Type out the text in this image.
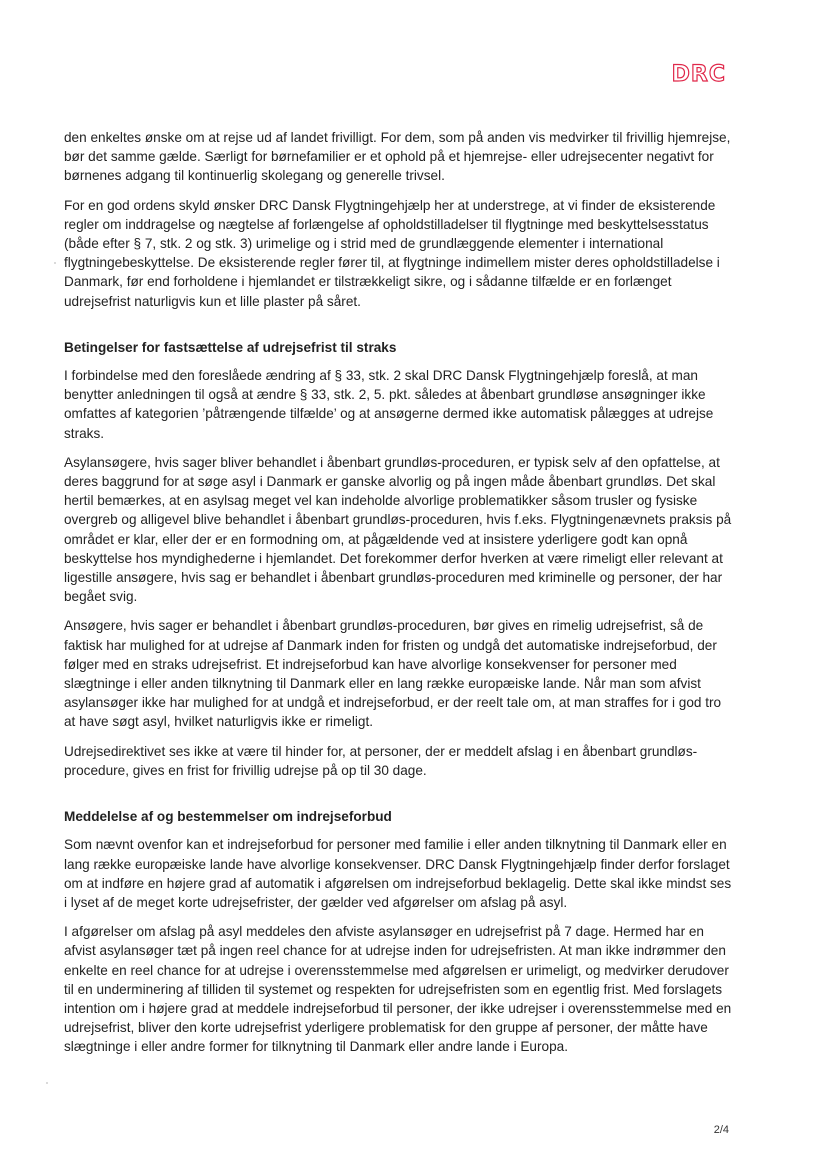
DRC

den enkeltes ønske om at rejse ud af landet frivilligt. For dem, som på anden vis medvirker til frivillig hjemrejse, bør det samme gælde. Særligt for børnefamilier er et ophold på et hjemrejse- eller udrejsecenter negativt for børnenes adgang til kontinuerlig skolegang og generelle trivsel.

For en god ordens skyld ønsker DRC Dansk Flygtningehjælp her at understrege, at vi finder de eksisterende regler om inddragelse og nægtelse af forlængelse af opholdstilladelser til flygtninge med beskyttelsesstatus (både efter § 7, stk. 2 og stk. 3) urimelige og i strid med de grundlæggende elementer i international flygtningebeskyttelse. De eksisterende regler fører til, at flygtninge indimellem mister deres opholdstilladelse i Danmark, før end forholdene i hjemlandet er tilstrækkeligt sikre, og i sådanne tilfælde er en forlænget udrejsefrist naturligvis kun et lille plaster på såret.

Betingelser for fastsættelse af udrejsefrist til straks

I forbindelse med den foreslåede ændring af § 33, stk. 2 skal DRC Dansk Flygtningehjælp foreslå, at man benytter anledningen til også at ændre § 33, stk. 2, 5. pkt. således at åbenbart grundløse ansøgninger ikke omfattes af kategorien ’påtrængende tilfælde’ og at ansøgerne dermed ikke automatisk pålægges at udrejse straks.

Asylansøgere, hvis sager bliver behandlet i åbenbart grundløs-proceduren, er typisk selv af den opfattelse, at deres baggrund for at søge asyl i Danmark er ganske alvorlig og på ingen måde åbenbart grundløs. Det skal hertil bemærkes, at en asylsag meget vel kan indeholde alvorlige problematikker såsom trusler og fysiske overgreb og alligevel blive behandlet i åbenbart grundløs-proceduren, hvis f.eks. Flygtningenævnets praksis på området er klar, eller der er en formodning om, at pågældende ved at insistere yderligere godt kan opnå beskyttelse hos myndighederne i hjemlandet. Det forekommer derfor hverken at være rimeligt eller relevant at ligestille ansøgere, hvis sag er behandlet i åbenbart grundløs-proceduren med kriminelle og personer, der har begået svig.

Ansøgere, hvis sager er behandlet i åbenbart grundløs-proceduren, bør gives en rimelig udrejsefrist, så de faktisk har mulighed for at udrejse af Danmark inden for fristen og undgå det automatiske indrejseforbud, der følger med en straks udrejsefrist. Et indrejseforbud kan have alvorlige konsekvenser for personer med slægtninge i eller anden tilknytning til Danmark eller en lang række europæiske lande. Når man som afvist asylansøger ikke har mulighed for at undgå et indrejseforbud, er der reelt tale om, at man straffes for i god tro at have søgt asyl, hvilket naturligvis ikke er rimeligt.

Udrejsedirektivet ses ikke at være til hinder for, at personer, der er meddelt afslag i en åbenbart grundløs-procedure, gives en frist for frivillig udrejse på op til 30 dage.

Meddelelse af og bestemmelser om indrejseforbud

Som nævnt ovenfor kan et indrejseforbud for personer med familie i eller anden tilknytning til Danmark eller en lang række europæiske lande have alvorlige konsekvenser. DRC Dansk Flygtningehjælp finder derfor forslaget om at indføre en højere grad af automatik i afgørelsen om indrejseforbud beklagelig. Dette skal ikke mindst ses i lyset af de meget korte udrejsefrister, der gælder ved afgørelser om afslag på asyl.

I afgørelser om afslag på asyl meddeles den afviste asylansøger en udrejsefrist på 7 dage. Hermed har en afvist asylansøger tæt på ingen reel chance for at udrejse inden for udrejsefristen. At man ikke indrømmer den enkelte en reel chance for at udrejse i overensstemmelse med afgørelsen er urimeligt, og medvirker derudover til en underminering af tilliden til systemet og respekten for udrejsefristen som en egentlig frist. Med forslagets intention om i højere grad at meddele indrejseforbud til personer, der ikke udrejser i overensstemmelse med en udrejsefrist, bliver den korte udrejsefrist yderligere problematisk for den gruppe af personer, der måtte have slægtninge i eller andre former for tilknytning til Danmark eller andre lande i Europa.

2/4
